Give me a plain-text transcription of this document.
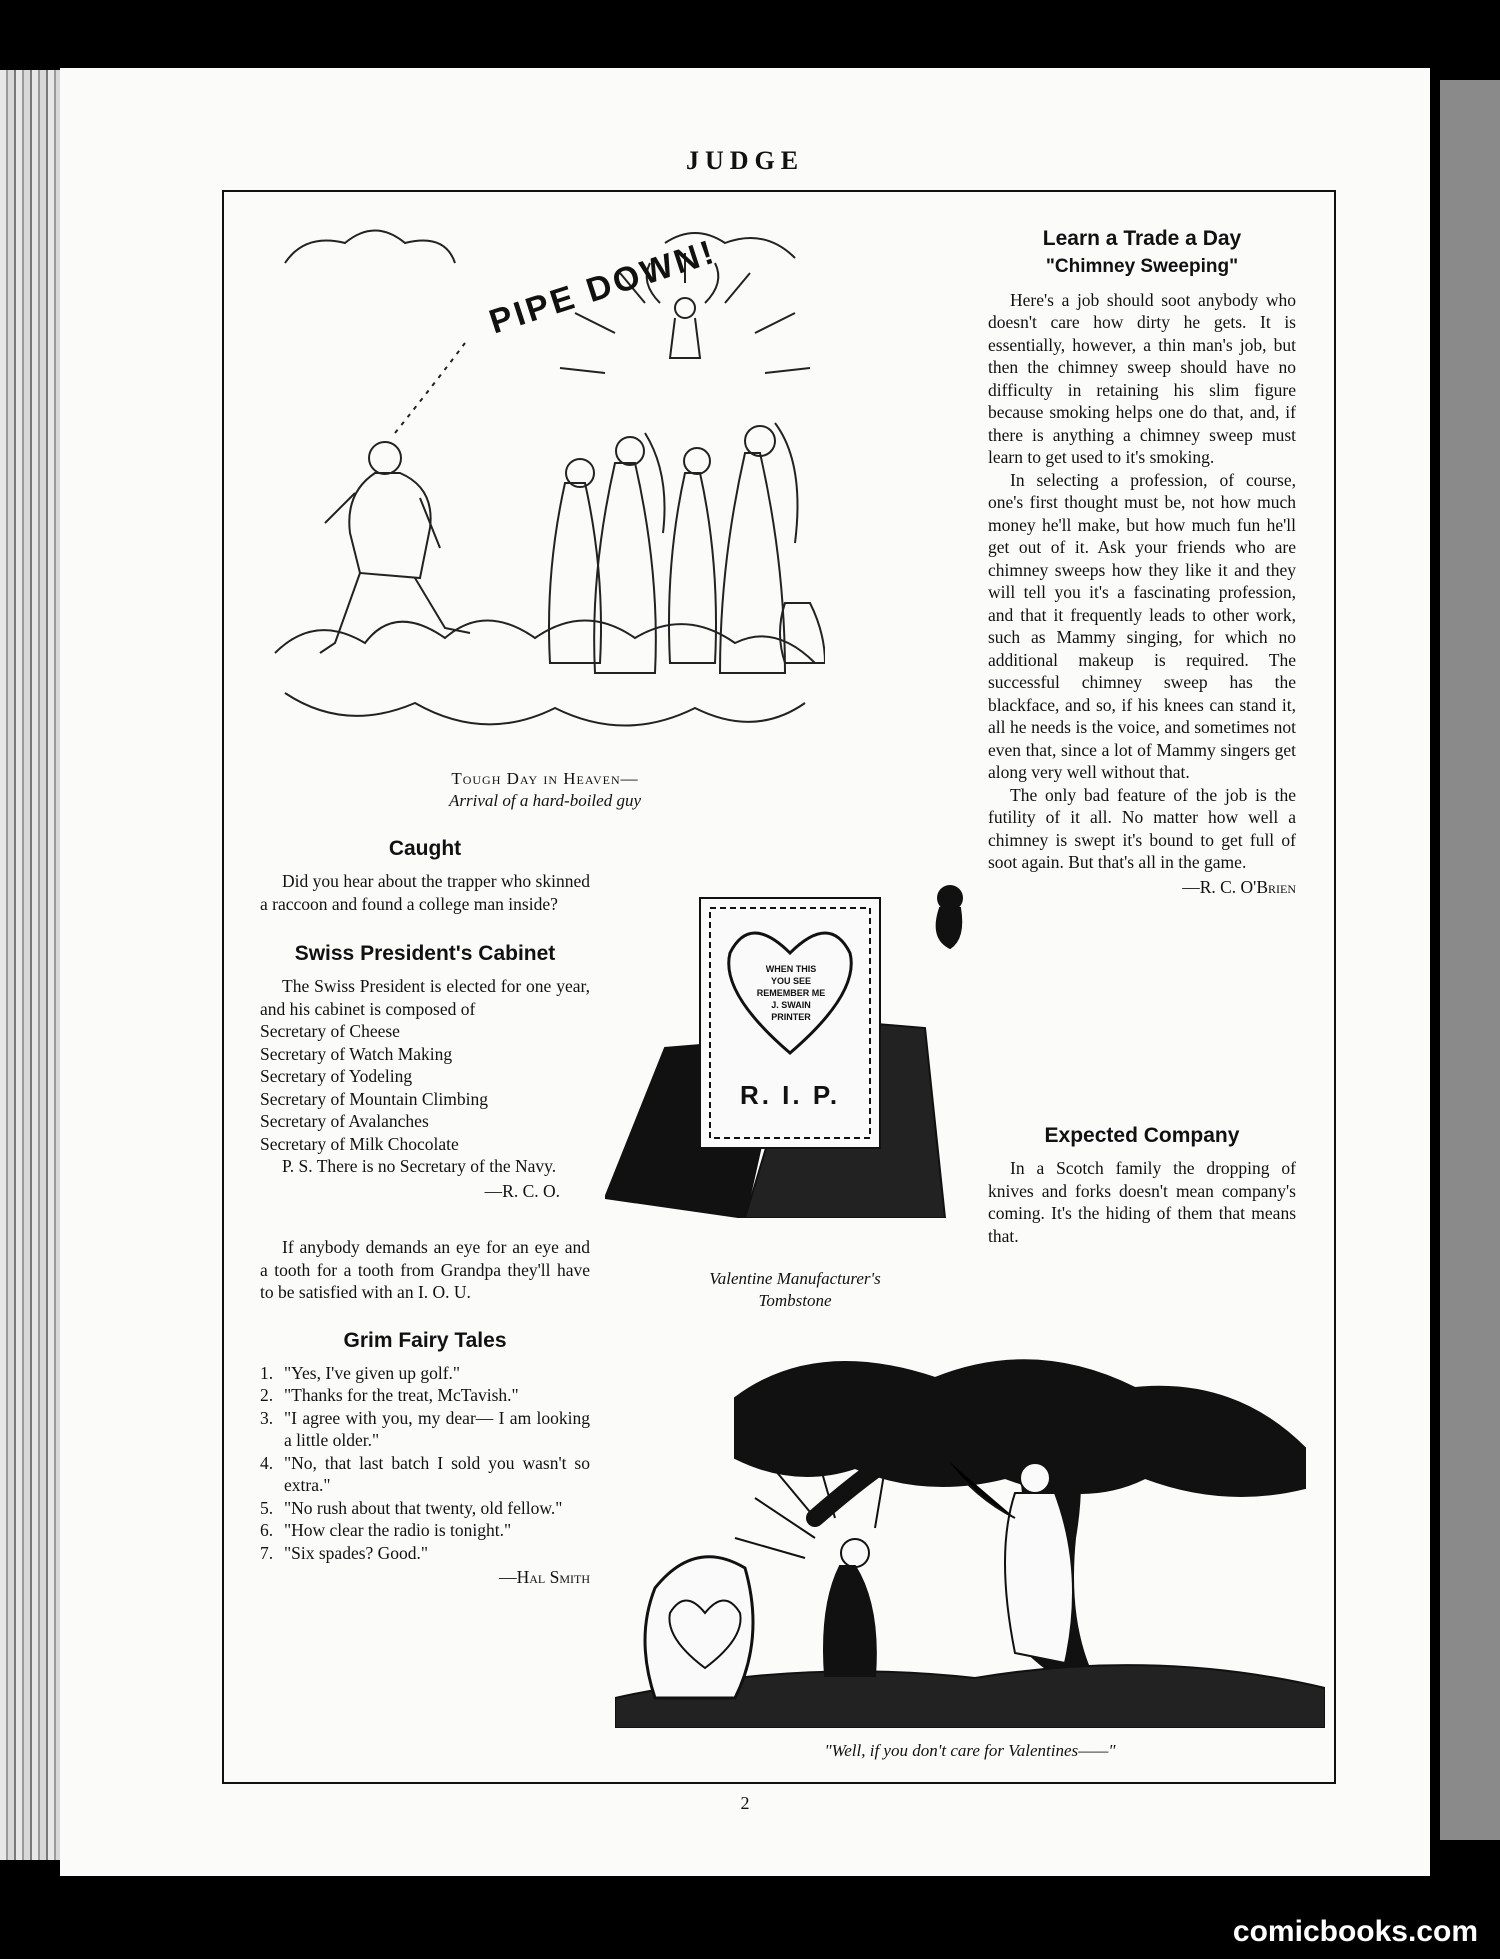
JUDGE
PIPE DOWN!
Tough Day in Heaven—
Arrival of a hard-boiled guy
Learn a Trade a Day
"Chimney Sweeping"

Here's a job should soot anybody who doesn't care how dirty he gets. It is essentially, however, a thin man's job, but then the chimney sweep should have no difficulty in retaining his slim figure because smoking helps one do that, and, if there is anything a chimney sweep must learn to get used to it's smoking.

In selecting a profession, of course, one's first thought must be, not how much money he'll make, but how much fun he'll get out of it. Ask your friends who are chimney sweeps how they like it and they will tell you it's a fascinating profession, and that it frequently leads to other work, such as Mammy singing, for which no additional makeup is required. The successful chimney sweep has the blackface, and so, if his knees can stand it, all he needs is the voice, and sometimes not even that, since a lot of Mammy singers get along very well without that.

The only bad feature of the job is the futility of it all. No matter how well a chimney is swept it's bound to get full of soot again. But that's all in the game.

—R. C. O'Brien
Expected Company

In a Scotch family the dropping of knives and forks doesn't mean company's coming. It's the hiding of them that means that.

Caught

Did you hear about the trapper who skinned a raccoon and found a college man inside?

Swiss President's Cabinet

The Swiss President is elected for one year, and his cabinet is composed of

Secretary of Cheese
Secretary of Watch Making
Secretary of Yodeling
Secretary of Mountain Climbing
Secretary of Avalanches
Secretary of Milk Chocolate

P. S. There is no Secretary of the Navy.

—R. C. O.

If anybody demands an eye for an eye and a tooth for a tooth from Grandpa they'll have to be satisfied with an I. O. U.

Grim Fairy Tales
1. "Yes, I've given up golf."
2. "Thanks for the treat, McTavish."
3. "I agree with you, my dear— I am looking a little older."
4. "No, that last batch I sold you wasn't so extra."
5. "No rush about that twenty, old fellow."
6. "How clear the radio is tonight."
7. "Six spades? Good."
—Hal Smith
WHEN THIS YOU SEE REMEMBER ME J. SWAIN PRINTER
R. I. P.
Valentine Manufacturer's
Tombstone
"Well, if you don't care for Valentines——"
2
comicbooks.com
